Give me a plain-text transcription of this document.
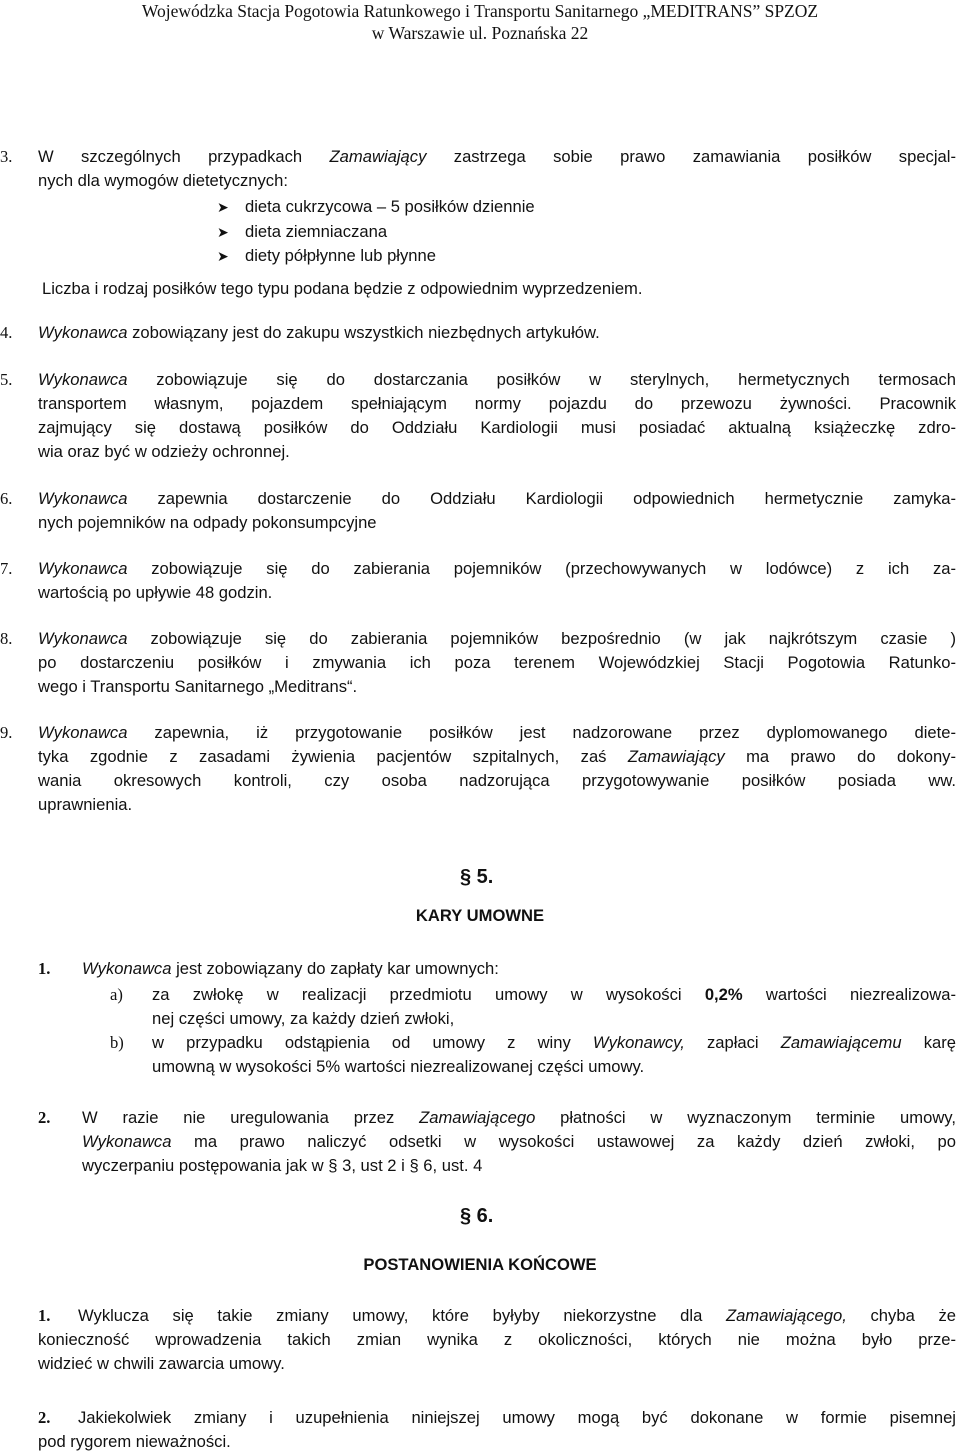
Wojewódzka Stacja Pogotowia Ratunkowego i Transportu Sanitarnego „MEDITRANS” SPZOZ
w Warszawie ul. Poznańska 22
3. W szczególnych przypadkach Zamawiający zastrzega sobie prawo zamawiania posiłków specjal-
nych dla wymogów dietetycznych:
➤ dieta cukrzycowa – 5 posiłków dziennie
➤ dieta ziemniaczana
➤ diety półpłynne lub płynne
Liczba i rodzaj posiłków tego typu podana będzie z odpowiednim wyprzedzeniem.
4. Wykonawca zobowiązany jest do zakupu wszystkich niezbędnych artykułów.
5. Wykonawca zobowiązuje się do dostarczania posiłków w sterylnych, hermetycznych termosach
transportem własnym, pojazdem spełniającym normy pojazdu do przewozu żywności. Pracownik
zajmujący się dostawą posiłków do Oddziału Kardiologii musi posiadać aktualną książeczkę zdro-
wia oraz być w odzieży ochronnej.
6. Wykonawca zapewnia dostarczenie do Oddziału Kardiologii odpowiednich hermetycznie zamyka-
nych pojemników na odpady pokonsumpcyjne
7. Wykonawca zobowiązuje się do zabierania pojemników (przechowywanych w lodówce) z ich za-
wartością po upływie 48 godzin.
8. Wykonawca zobowiązuje się do zabierania pojemników bezpośrednio (w jak najkrótszym czasie )
po dostarczeniu posiłków i zmywania ich poza terenem Wojewódzkiej Stacji Pogotowia Ratunko-
wego i Transportu Sanitarnego „Meditrans“.
9. Wykonawca zapewnia, iż przygotowanie posiłków jest nadzorowane przez dyplomowanego diete-
tyka zgodnie z zasadami żywienia pacjentów szpitalnych, zaś Zamawiający ma prawo do dokony-
wania okresowych kontroli, czy osoba nadzorująca przygotowywanie posiłków posiada ww.
uprawnienia.
§ 5.
KARY UMOWNE
1. Wykonawca jest zobowiązany do zapłaty kar umownych:
a) za zwłokę w realizacji przedmiotu umowy w wysokości 0,2% wartości niezrealizowa-
nej części umowy, za każdy dzień zwłoki,
b) w przypadku odstąpienia od umowy z winy Wykonawcy, zapłaci Zamawiającemu karę
umowną w wysokości 5% wartości niezrealizowanej części umowy.
2. W razie nie uregulowania przez Zamawiającego płatności w wyznaczonym terminie umowy,
Wykonawca ma prawo naliczyć odsetki w wysokości ustawowej za każdy dzień zwłoki, po
wyczerpaniu postępowania jak w § 3, ust 2 i § 6, ust. 4
§ 6.
POSTANOWIENIA KOŃCOWE
1. Wyklucza się takie zmiany umowy, które byłyby niekorzystne dla Zamawiającego, chyba że
konieczność wprowadzenia takich zmian wynika z okoliczności, których nie można było prze-
widzieć w chwili zawarcia umowy.
2. Jakiekolwiek zmiany i uzupełnienia niniejszej umowy mogą być dokonane w formie pisemnej
pod rygorem nieważności.
